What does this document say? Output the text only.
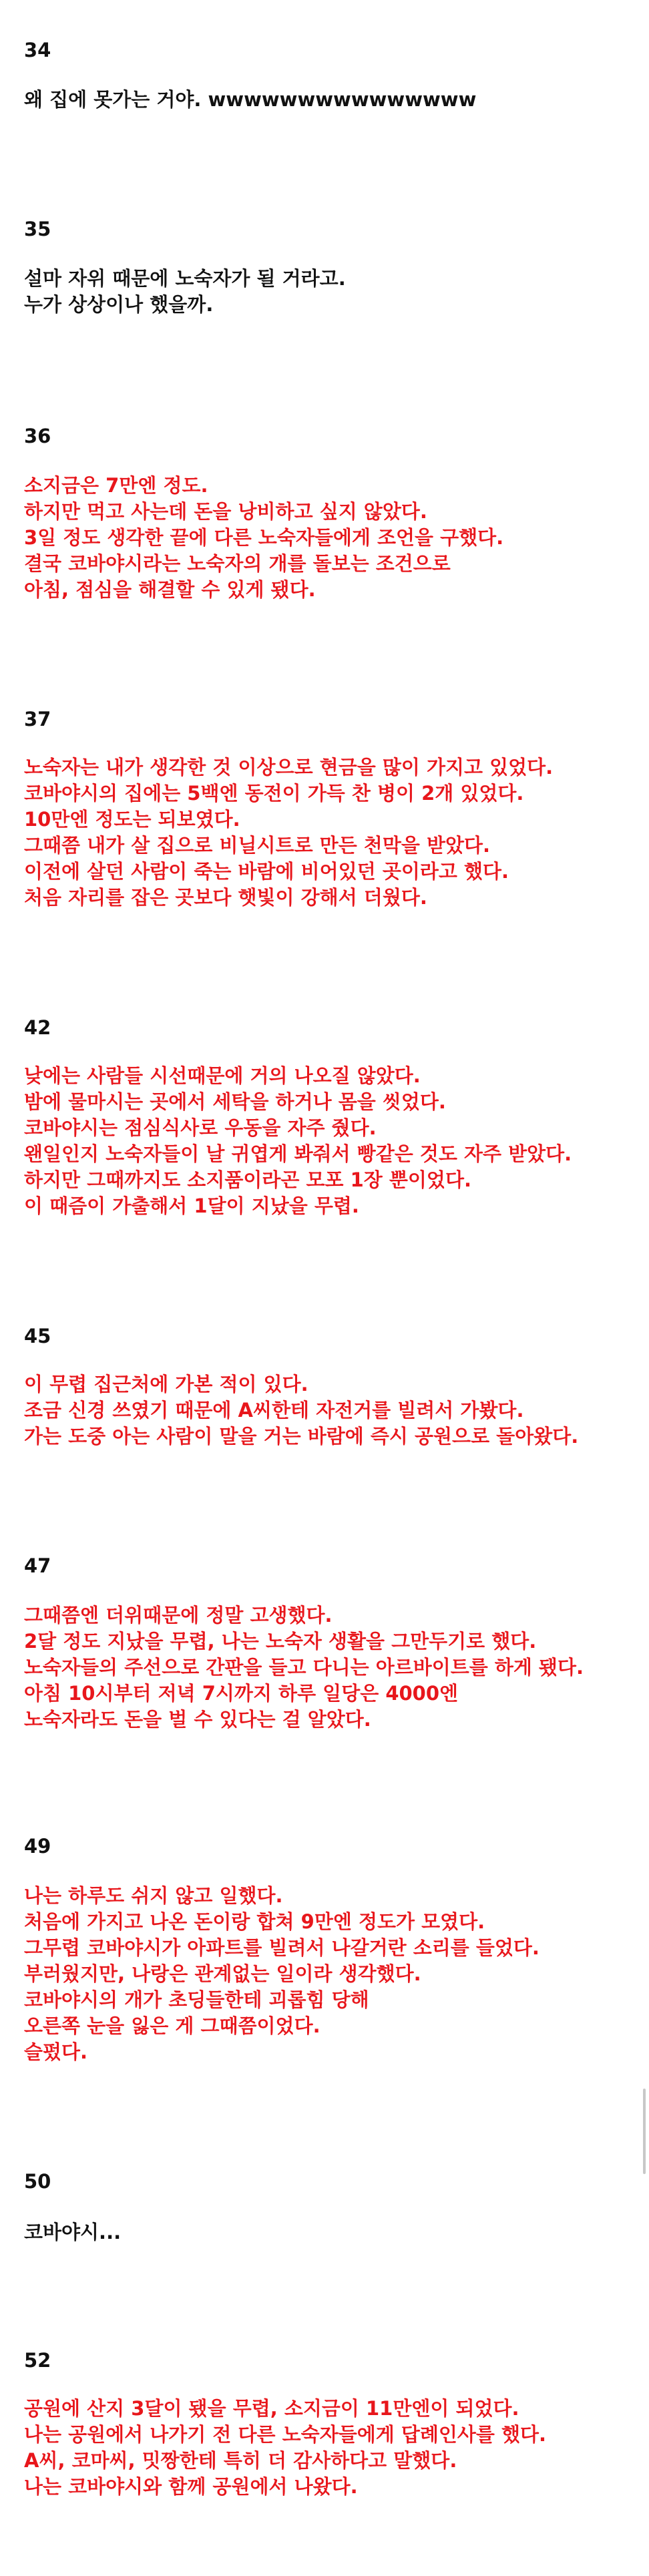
34
왜 집에 못가는 거야. wwwwwwwwwwwwwww
35
설마 자위 때문에 노숙자가 될 거라고.
누가 상상이나 했을까.
36
소지금은 7만엔 정도.
하지만 먹고 사는데 돈을 낭비하고 싶지 않았다.
3일 정도 생각한 끝에 다른 노숙자들에게 조언을 구했다.
결국 코바야시라는 노숙자의 개를 돌보는 조건으로
아침, 점심을 해결할 수 있게 됐다.
37
노숙자는 내가 생각한 것 이상으로 현금을 많이 가지고 있었다.
코바야시의 집에는 5백엔 동전이 가득 찬 병이 2개 있었다.
10만엔 정도는 되보였다.
그때쯤 내가 살 집으로 비닐시트로 만든 천막을 받았다.
이전에 살던 사람이 죽는 바람에 비어있던 곳이라고 했다.
처음 자리를 잡은 곳보다 햇빛이 강해서 더웠다.
42
낮에는 사람들 시선때문에 거의 나오질 않았다.
밤에 물마시는 곳에서 세탁을 하거나 몸을 씻었다.
코바야시는 점심식사로 우동을 자주 줬다.
왠일인지 노숙자들이 날 귀엽게 봐줘서 빵같은 것도 자주 받았다.
하지만 그때까지도 소지품이라곤 모포 1장 뿐이었다.
이 때즘이 가출해서 1달이 지났을 무렵.
45
이 무렵 집근처에 가본 적이 있다.
조금 신경 쓰였기 때문에 A씨한테 자전거를 빌려서 가봤다.
가는 도중 아는 사람이 말을 거는 바람에 즉시 공원으로 돌아왔다.
47
그때쯤엔 더위때문에 정말 고생했다.
2달 정도 지났을 무렵, 나는 노숙자 생활을 그만두기로 했다.
노숙자들의 주선으로 간판을 들고 다니는 아르바이트를 하게 됐다.
아침 10시부터 저녁 7시까지 하루 일당은 4000엔
노숙자라도 돈을 벌 수 있다는 걸 알았다.
49
나는 하루도 쉬지 않고 일했다.
처음에 가지고 나온 돈이랑 합쳐 9만엔 정도가 모였다.
그무렵 코바야시가 아파트를 빌려서 나갈거란 소리를 들었다.
부러웠지만, 나랑은 관계없는 일이라 생각했다.
코바야시의 개가 초딩들한테 괴롭힘 당해
오른쪽 눈을 잃은 게 그때쯤이었다.
슬펐다.
50
코바야시...
52
공원에 산지 3달이 됐을 무렵, 소지금이 11만엔이 되었다.
나는 공원에서 나가기 전 다른 노숙자들에게 답례인사를 했다.
A씨, 코마씨, 밋짱한테 특히 더 감사하다고 말했다.
나는 코바야시와 함께 공원에서 나왔다.
